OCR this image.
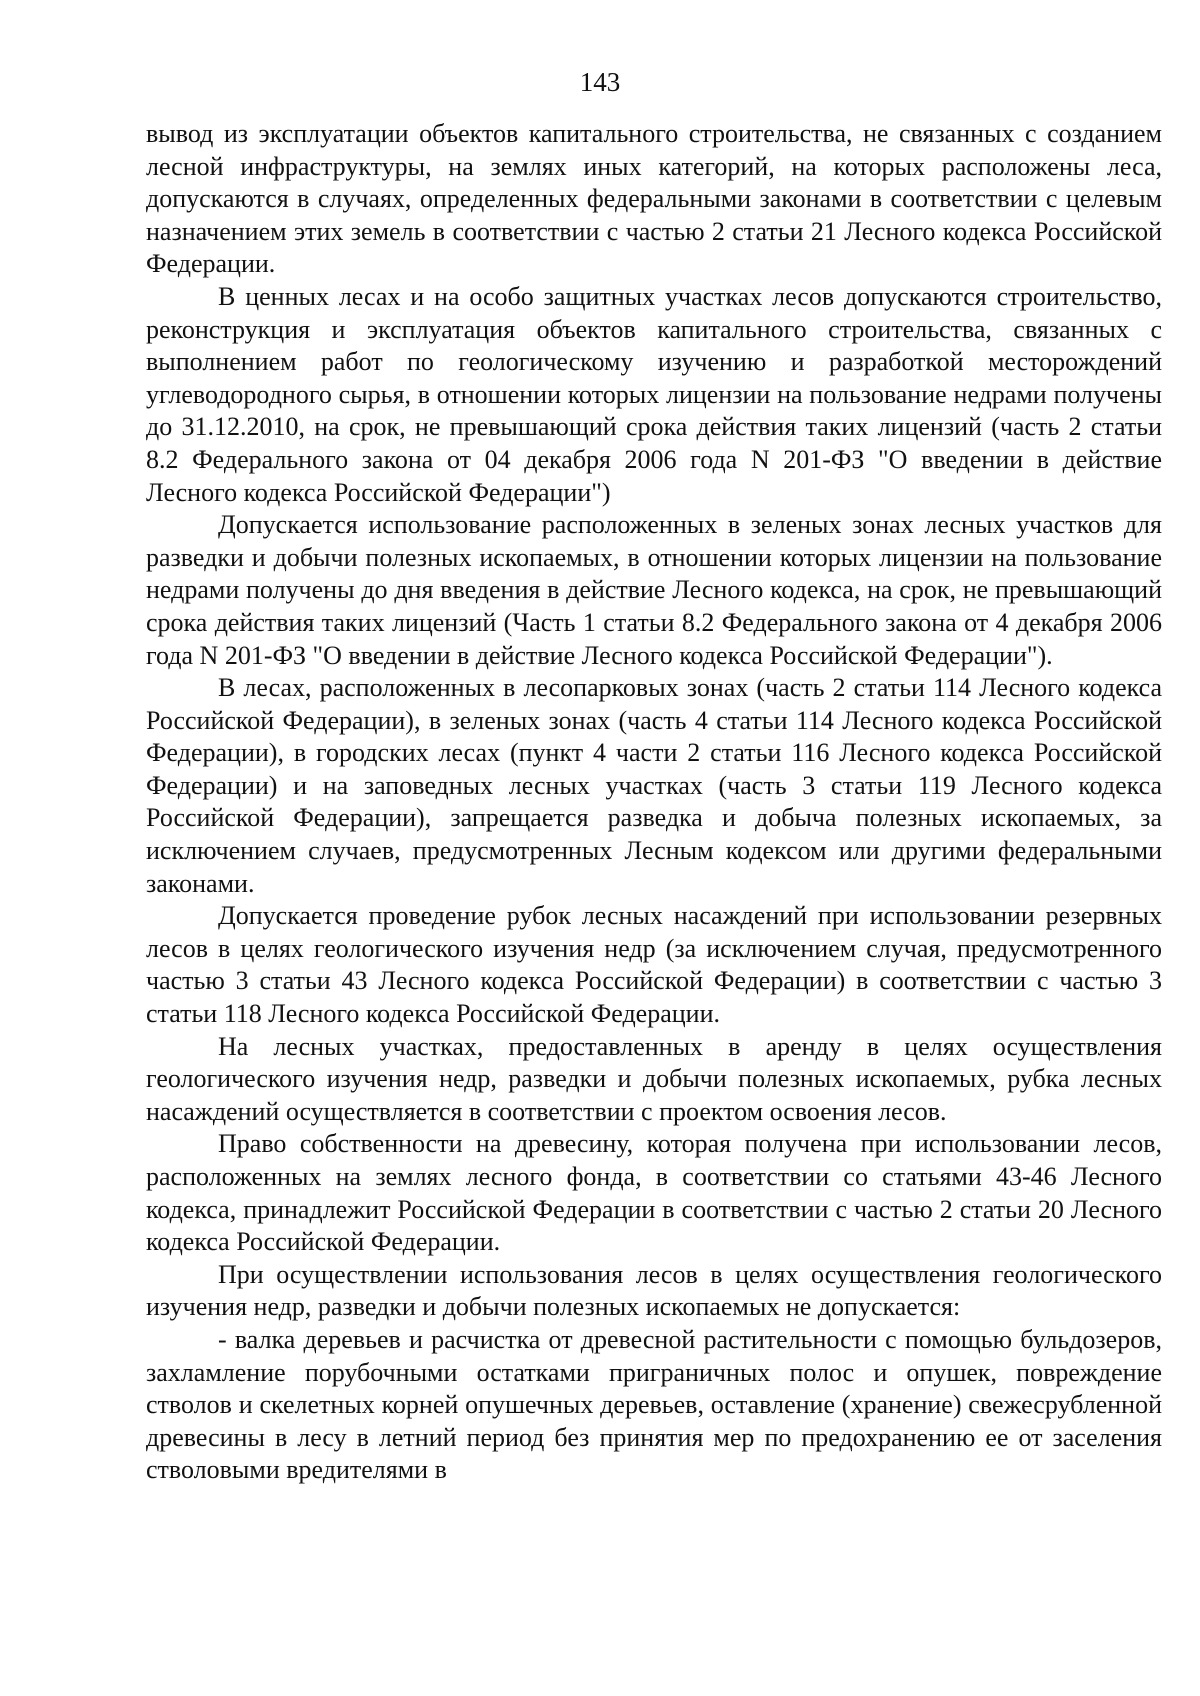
143

вывод из эксплуатации объектов капитального строительства, не связанных с созданием лесной инфраструктуры, на землях иных категорий, на которых расположены леса, допускаются в случаях, определенных федеральными законами в соответствии с целевым назначением этих земель в соответствии с частью 2 статьи 21 Лесного кодекса Российской Федерации.

В ценных лесах и на особо защитных участках лесов допускаются строительство, реконструкция и эксплуатация объектов капитального строительства, связанных с выполнением работ по геологическому изучению и разработкой месторождений углеводородного сырья, в отношении которых лицензии на пользование недрами получены до 31.12.2010, на срок, не превышающий срока действия таких лицензий (часть 2 статьи 8.2 Федерального закона от 04 декабря 2006 года N 201-ФЗ "О введении в действие Лесного кодекса Российской Федерации")

Допускается использование расположенных в зеленых зонах лесных участков для разведки и добычи полезных ископаемых, в отношении которых лицензии на пользование недрами получены до дня введения в действие Лесного кодекса, на срок, не превышающий срока действия таких лицензий (Часть 1 статьи 8.2 Федерального закона от 4 декабря 2006 года N 201-ФЗ "О введении в действие Лесного кодекса Российской Федерации").

В лесах, расположенных в лесопарковых зонах (часть 2 статьи 114 Лесного кодекса Российской Федерации), в зеленых зонах (часть 4 статьи 114 Лесного кодекса Российской Федерации), в городских лесах (пункт 4 части 2 статьи 116 Лесного кодекса Российской Федерации) и на заповедных лесных участках (часть 3 статьи 119 Лесного кодекса Российской Федерации), запрещается разведка и добыча полезных ископаемых, за исключением случаев, предусмотренных Лесным кодексом или другими федеральными законами.

Допускается проведение рубок лесных насаждений при использовании резервных лесов в целях геологического изучения недр (за исключением случая, предусмотренного частью 3 статьи 43 Лесного кодекса Российской Федерации) в соответствии с частью 3 статьи 118 Лесного кодекса Российской Федерации.

На лесных участках, предоставленных в аренду в целях осуществления геологического изучения недр, разведки и добычи полезных ископаемых, рубка лесных насаждений осуществляется в соответствии с проектом освоения лесов.

Право собственности на древесину, которая получена при использовании лесов, расположенных на землях лесного фонда, в соответствии со статьями 43-46 Лесного кодекса, принадлежит Российской Федерации в соответствии с частью 2 статьи 20 Лесного кодекса Российской Федерации.

При осуществлении использования лесов в целях осуществления геологического изучения недр, разведки и добычи полезных ископаемых не допускается:

- валка деревьев и расчистка от древесной растительности с помощью бульдозеров, захламление порубочными остатками приграничных полос и опушек, повреждение стволов и скелетных корней опушечных деревьев, оставление (хранение) свежесрубленной древесины в лесу в летний период без принятия мер по предохранению ее от заселения стволовыми вредителями в
